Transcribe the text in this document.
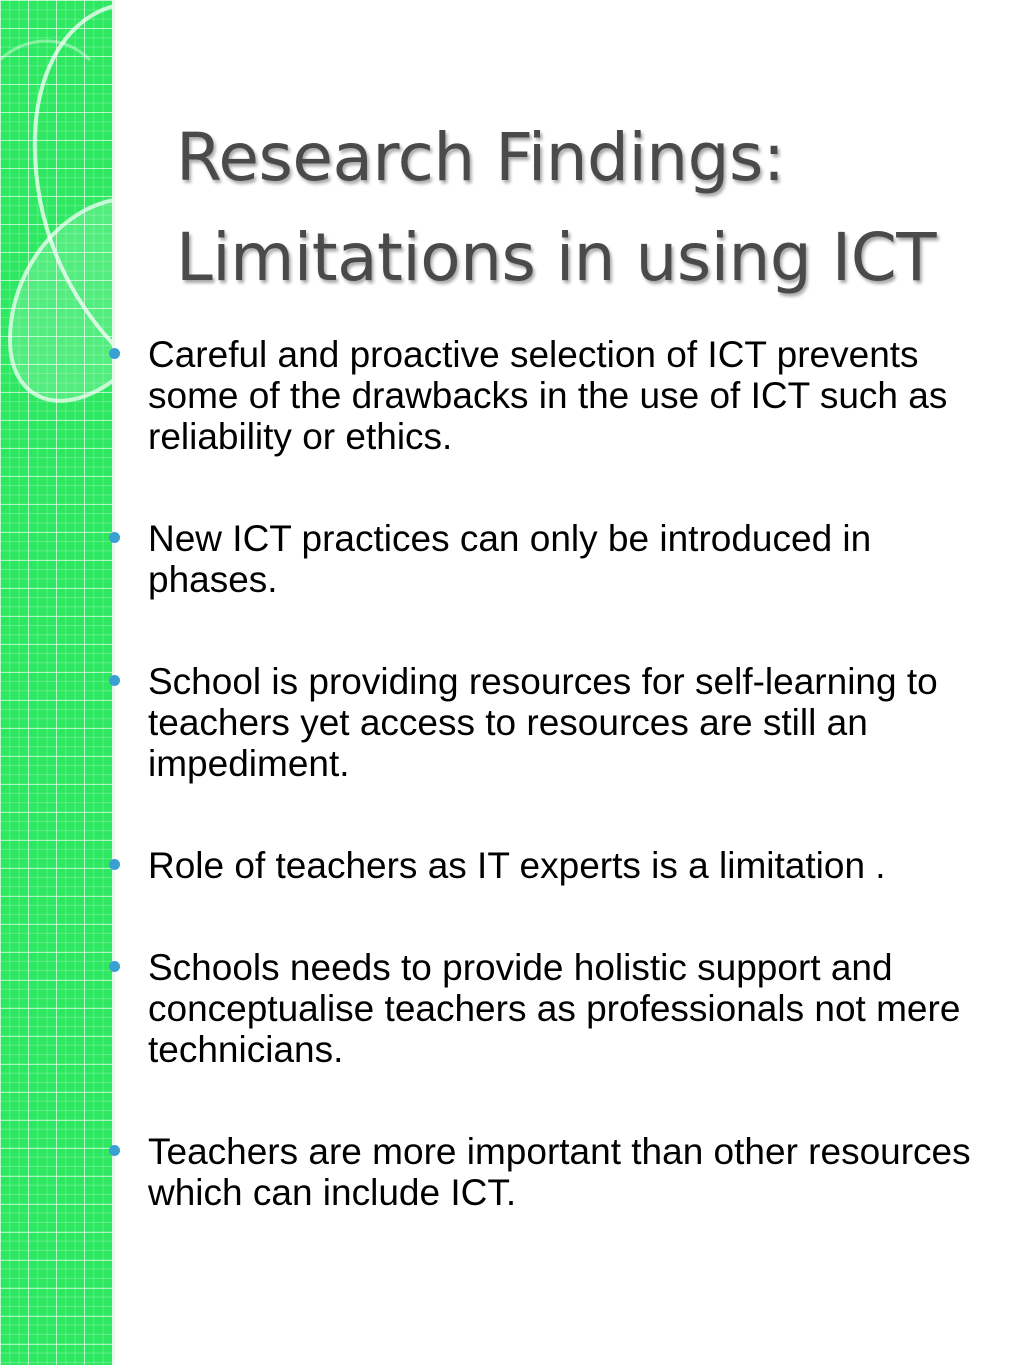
Research Findings:
Limitations in using ICT
Careful and proactive selection of ICT prevents some of the drawbacks in the use of ICT such as reliability or ethics.
New ICT practices can only be introduced in phases.
School is providing resources for self-learning to teachers yet access to resources are still an impediment.
Role of teachers as IT experts is a limitation .
Schools needs to provide holistic support and conceptualise teachers as professionals not mere technicians.
Teachers are more important than other resources which can include ICT.
